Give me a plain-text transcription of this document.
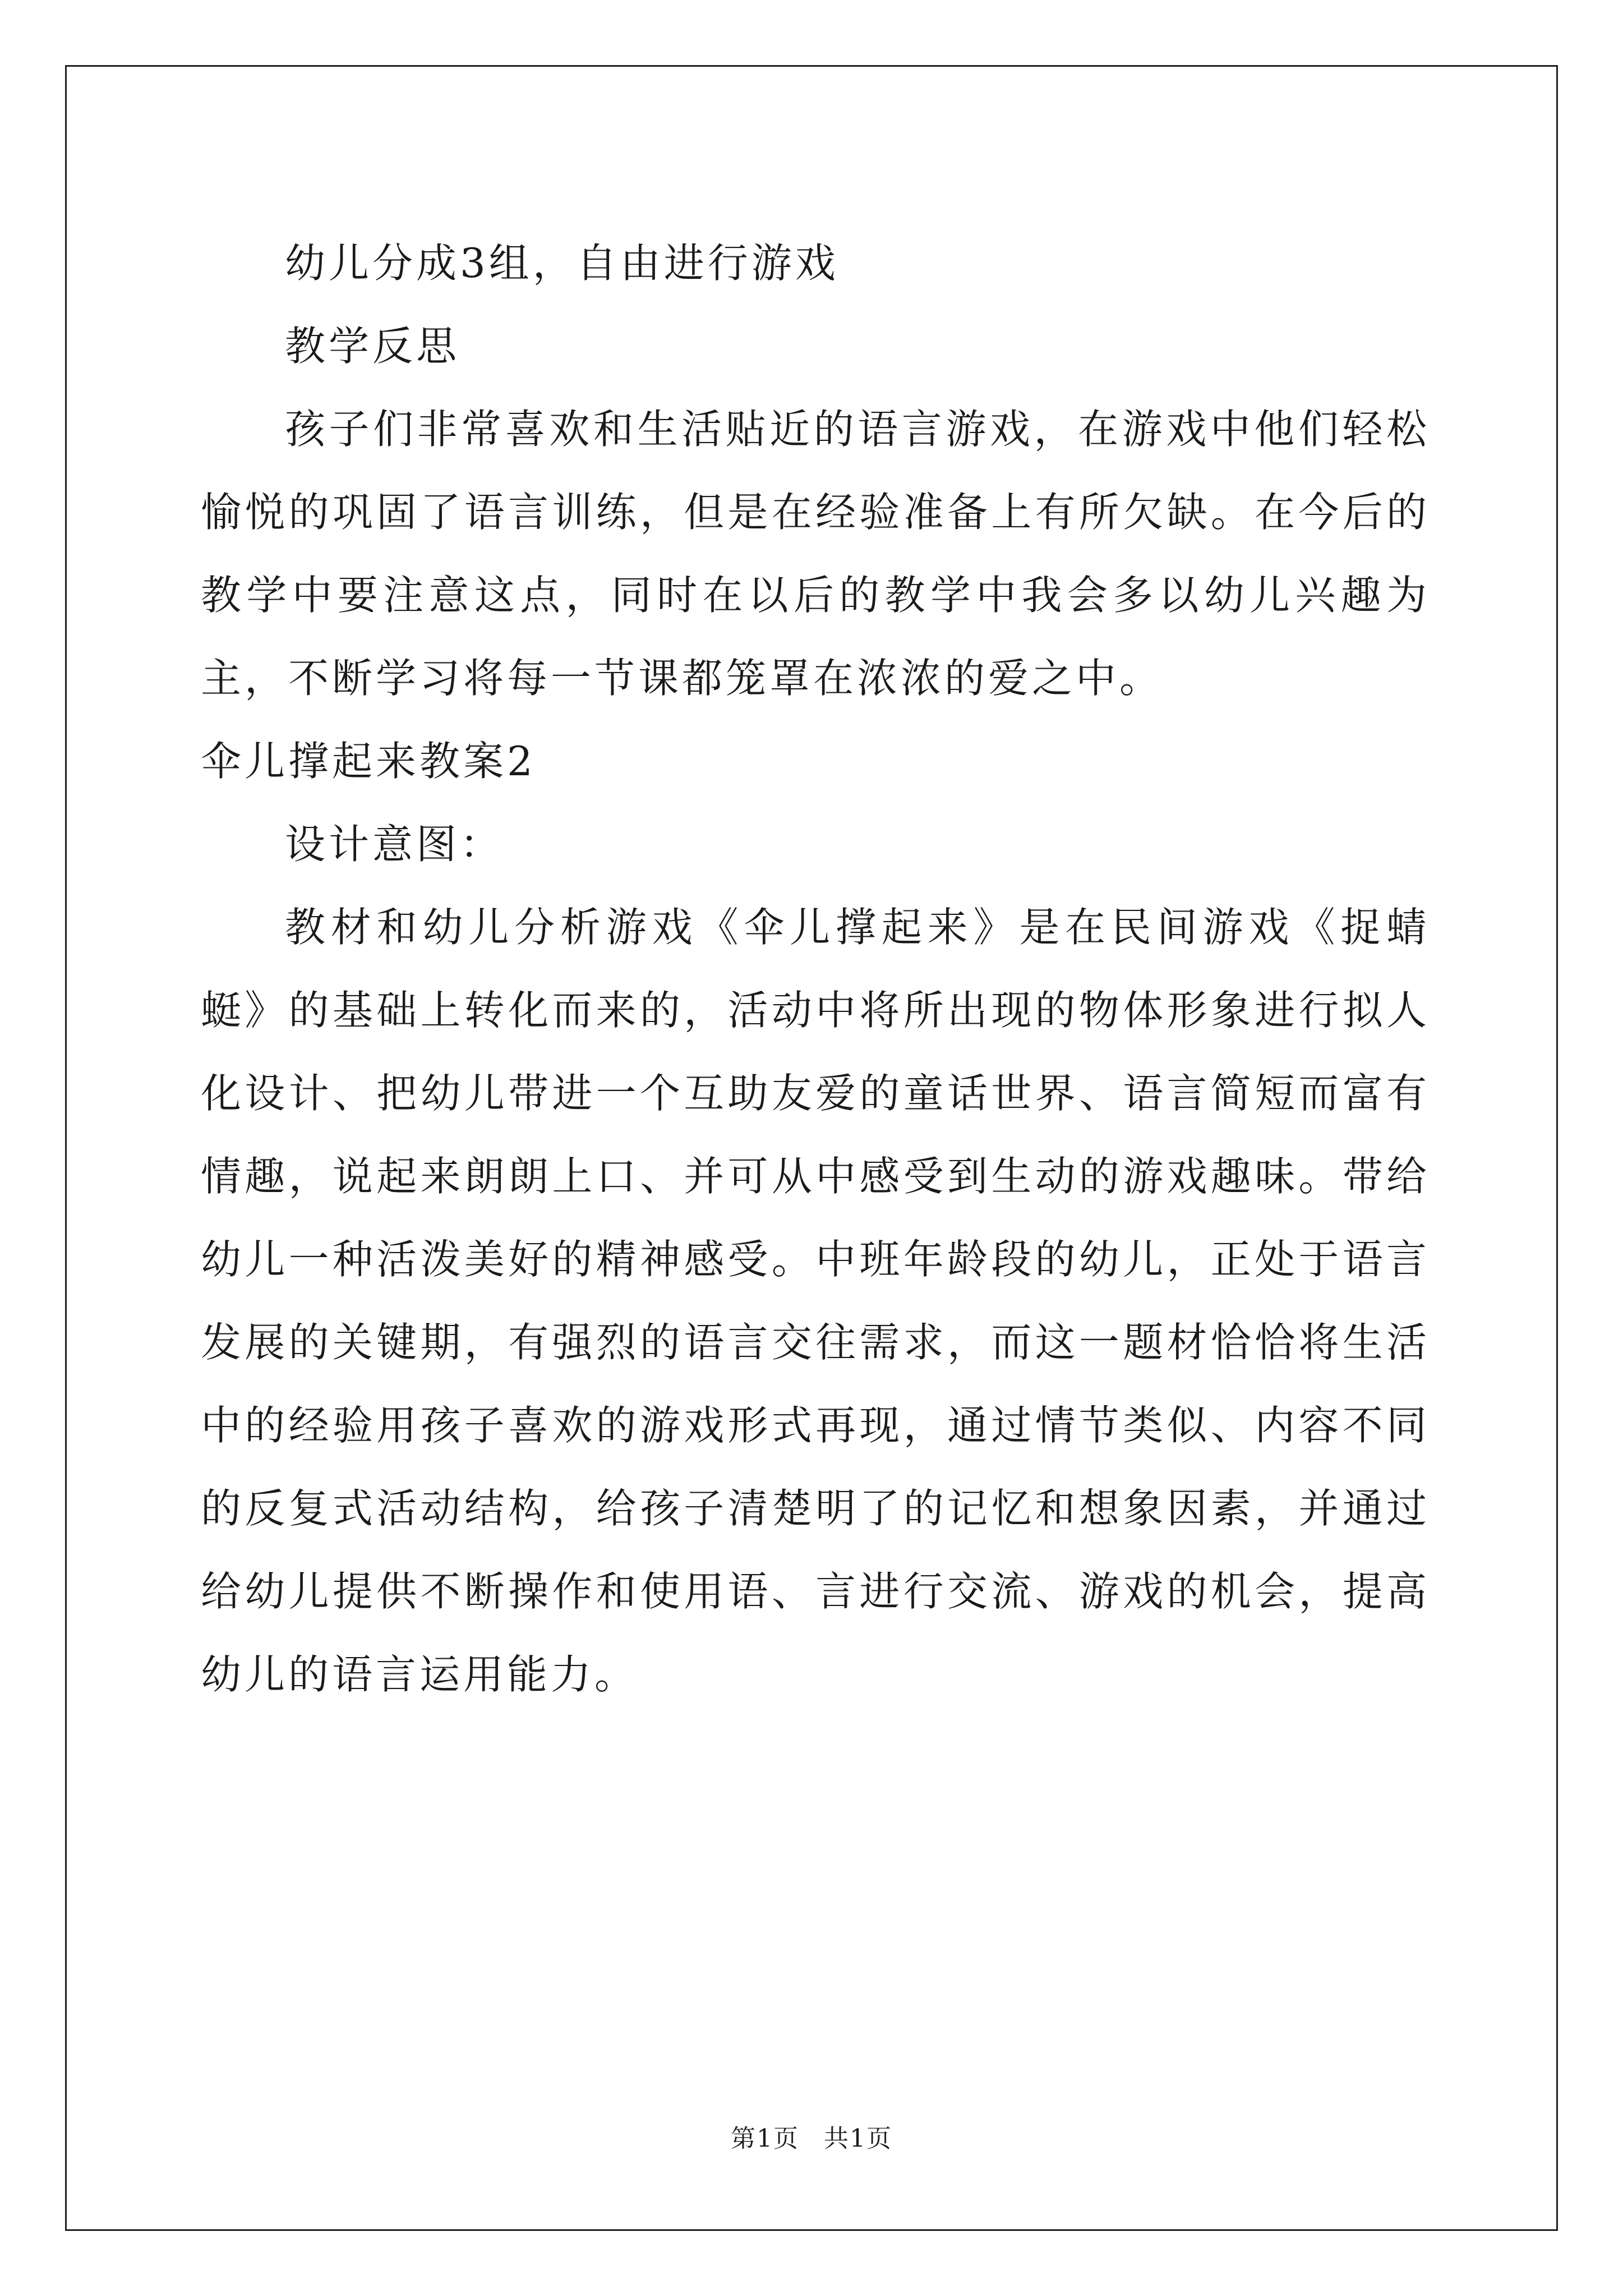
幼儿分成3组，自由进行游戏

教学反思

孩子们非常喜欢和生活贴近的语言游戏，在游戏中他们轻松愉悦的巩固了语言训练，但是在经验准备上有所欠缺。在今后的教学中要注意这点，同时在以后的教学中我会多以幼儿兴趣为主，不断学习将每一节课都笼罩在浓浓的爱之中。

伞儿撑起来教案2

设计意图：

教材和幼儿分析游戏《伞儿撑起来》是在民间游戏《捉蜻蜓》的基础上转化而来的，活动中将所出现的物体形象进行拟人化设计、把幼儿带进一个互助友爱的童话世界、语言简短而富有情趣，说起来朗朗上口、并可从中感受到生动的游戏趣味。带给幼儿一种活泼美好的精神感受。中班年龄段的幼儿，正处于语言发展的关键期，有强烈的语言交往需求，而这一题材恰恰将生活中的经验用孩子喜欢的游戏形式再现，通过情节类似、内容不同的反复式活动结构，给孩子清楚明了的记忆和想象因素，并通过给幼儿提供不断操作和使用语、言进行交流、游戏的机会，提高幼儿的语言运用能力。

第1页 共1页
